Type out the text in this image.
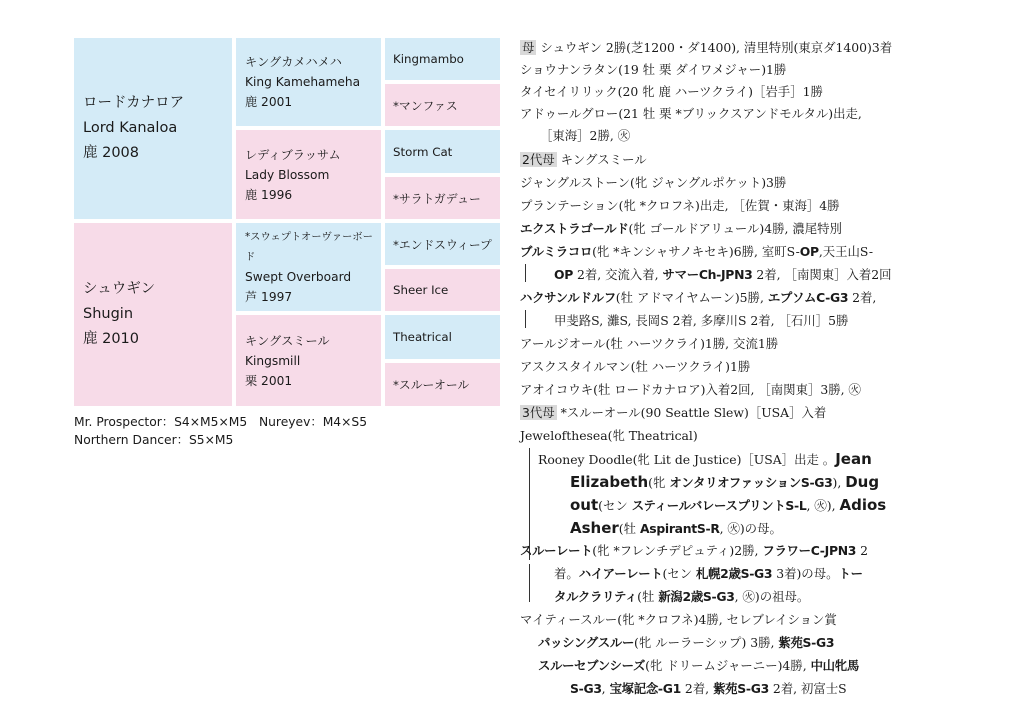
ロードカナロア
Lord Kanaloa
鹿 2008
シュウギン
Shugin
鹿 2010
キングカメハメハ
King Kamehameha
鹿 2001
レディブラッサム
Lady Blossom
鹿 1996
*スウェプトオーヴァーボード
Swept Overboard
芦 1997
キングスミール
Kingsmill
栗 2001
Kingmambo
*マンファス
Storm Cat
*サラトガデュー
*エンドスウィープ
Sheer Ice
Theatrical
*スルーオール
Mr. Prospector：S4×M5×M5 Nureyev：M4×S5
Northern Dancer：S5×M5
母 シュウギン 2勝(芝1200・ダ1400), 清里特別(東京ダ1400)3着
ショウナンラタン(19 牡 栗 ダイワメジャー)1勝
タイセイリリック(20 牝 鹿 ハーツクライ)［岩手］1勝
アドゥールグロー(21 牡 栗 *ブリックスアンドモルタル)出走,
［東海］2勝, ㊋
2代母 キングスミール
ジャングルストーン(牝 ジャングルポケット)3勝
プランテーション(牝 *クロフネ)出走, ［佐賀・東海］4勝
エクストラゴールド(牝 ゴールドアリュール)4勝, 濃尾特別
ブルミラコロ(牝 *キンシャサノキセキ)6勝, 室町S-OP,天王山S-
OP 2着, 交流入着, サマーCh-JPN3 2着, ［南関東］入着2回
ハクサンルドルフ(牡 アドマイヤムーン)5勝, エプソムC-G3 2着,
甲斐路S, 灘S, 長岡S 2着, 多摩川S 2着, ［石川］5勝
アールジオール(牡 ハーツクライ)1勝, 交流1勝
アスクスタイルマン(牡 ハーツクライ)1勝
アオイコウキ(牡 ロードカナロア)入着2回, ［南関東］3勝, ㊋
3代母 *スルーオール(90 Seattle Slew)［USA］入着
Jewelofthesea(牝 Theatrical)
Rooney Doodle(牝 Lit de Justice)［USA］出走 。Jean
Elizabeth(牝 オンタリオファッションS-G3), Dug
out(セン スティールバレースプリントS-L, ㊋), Adios
Asher(牡 AspirantS-R, ㊋)の母。
スルーレート(牝 *フレンチデピュティ)2勝, フラワーC-JPN3 2
着。ハイアーレート(セン 札幌2歳S-G3 3着)の母。トー
タルクラリティ(牡 新潟2歳S-G3, ㊋)の祖母。
マイティースルー(牝 *クロフネ)4勝, セレブレイション賞
パッシングスルー(牝 ルーラーシップ) 3勝, 紫苑S-G3
スルーセブンシーズ(牝 ドリームジャーニー)4勝, 中山牝馬
S-G3, 宝塚記念-G1 2着, 紫苑S-G3 2着, 初富士S
